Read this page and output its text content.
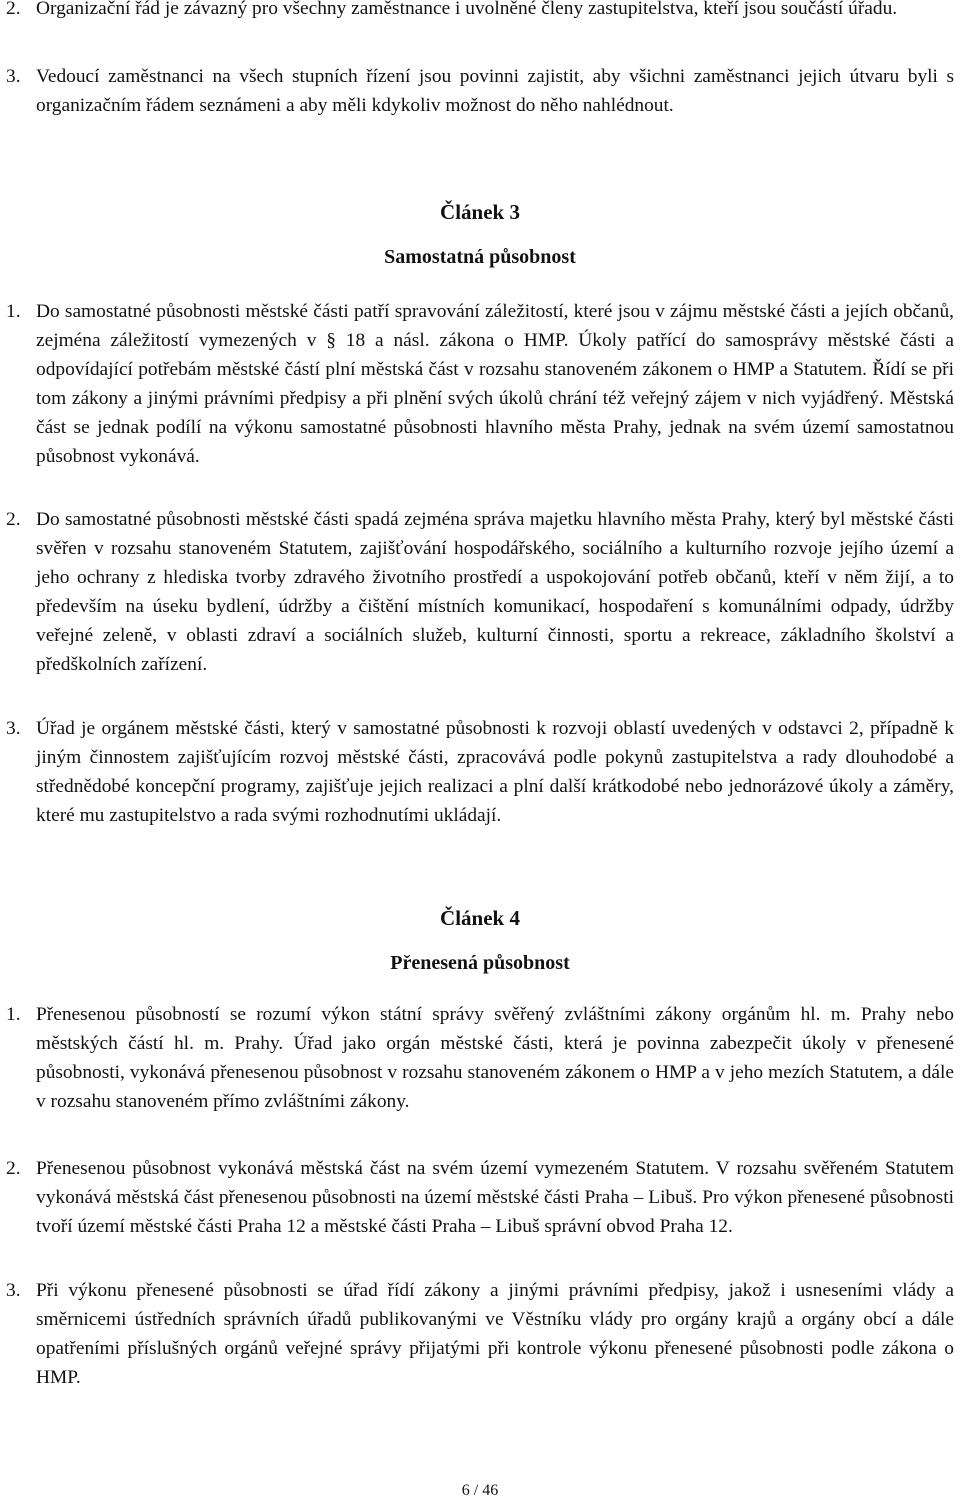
2. Organizační řád je závazný pro všechny zaměstnance i uvolněné členy zastupitelstva, kteří jsou součástí úřadu.
3. Vedoucí zaměstnanci na všech stupních řízení jsou povinni zajistit, aby všichni zaměstnanci jejich útvaru byli s organizačním řádem seznámeni a aby měli kdykoliv možnost do něho nahlédnout.
Článek 3
Samostatná působnost
1. Do samostatné působnosti městské části patří spravování záležitostí, které jsou v zájmu městské části a jejích občanů, zejména záležitostí vymezených v § 18 a násl. zákona o HMP. Úkoly patřící do samosprávy městské části a odpovídající potřebám městské částí plní městská část v rozsahu stanoveném zákonem o HMP a Statutem. Řídí se při tom zákony a jinými právními předpisy a při plnění svých úkolů chrání též veřejný zájem v nich vyjádřený. Městská část se jednak podílí na výkonu samostatné působnosti hlavního města Prahy, jednak na svém území samostatnou působnost vykonává.
2. Do samostatné působnosti městské části spadá zejména správa majetku hlavního města Prahy, který byl městské části svěřen v rozsahu stanoveném Statutem, zajišťování hospodářského, sociálního a kulturního rozvoje jejího území a jeho ochrany z hlediska tvorby zdravého životního prostředí a uspokojování potřeb občanů, kteří v něm žijí, a to především na úseku bydlení, údržby a čištění místních komunikací, hospodaření s komunálními odpady, údržby veřejné zeleně, v oblasti zdraví a sociálních služeb, kulturní činnosti, sportu a rekreace, základního školství a předškolních zařízení.
3. Úřad je orgánem městské části, který v samostatné působnosti k rozvoji oblastí uvedených v odstavci 2, případně k jiným činnostem zajišťujícím rozvoj městské části, zpracovává podle pokynů zastupitelstva a rady dlouhodobé a střednědobé koncepční programy, zajišťuje jejich realizaci a plní další krátkodobé nebo jednorázové úkoly a záměry, které mu zastupitelstvo a rada svými rozhodnutími ukládají.
Článek 4
Přenesená působnost
1. Přenesenou působností se rozumí výkon státní správy svěřený zvláštními zákony orgánům hl. m. Prahy nebo městských částí hl. m. Prahy. Úřad jako orgán městské části, která je povinna zabezpečit úkoly v přenesené působnosti, vykonává přenesenou působnost v rozsahu stanoveném zákonem o HMP a v jeho mezích Statutem, a dále v rozsahu stanoveném přímo zvláštními zákony.
2. Přenesenou působnost vykonává městská část na svém území vymezeném Statutem. V rozsahu svěřeném Statutem vykonává městská část přenesenou působnosti na území městské části Praha – Libuš. Pro výkon přenesené působnosti tvoří území městské části Praha 12 a městské části Praha – Libuš správní obvod Praha 12.
3. Při výkonu přenesené působnosti se úřad řídí zákony a jinými právními předpisy, jakož i usneseními vlády a směrnicemi ústředních správních úřadů publikovanými ve Věstníku vlády pro orgány krajů a orgány obcí a dále opatřeními příslušných orgánů veřejné správy přijatými při kontrole výkonu přenesené působnosti podle zákona o HMP.
6 / 46
